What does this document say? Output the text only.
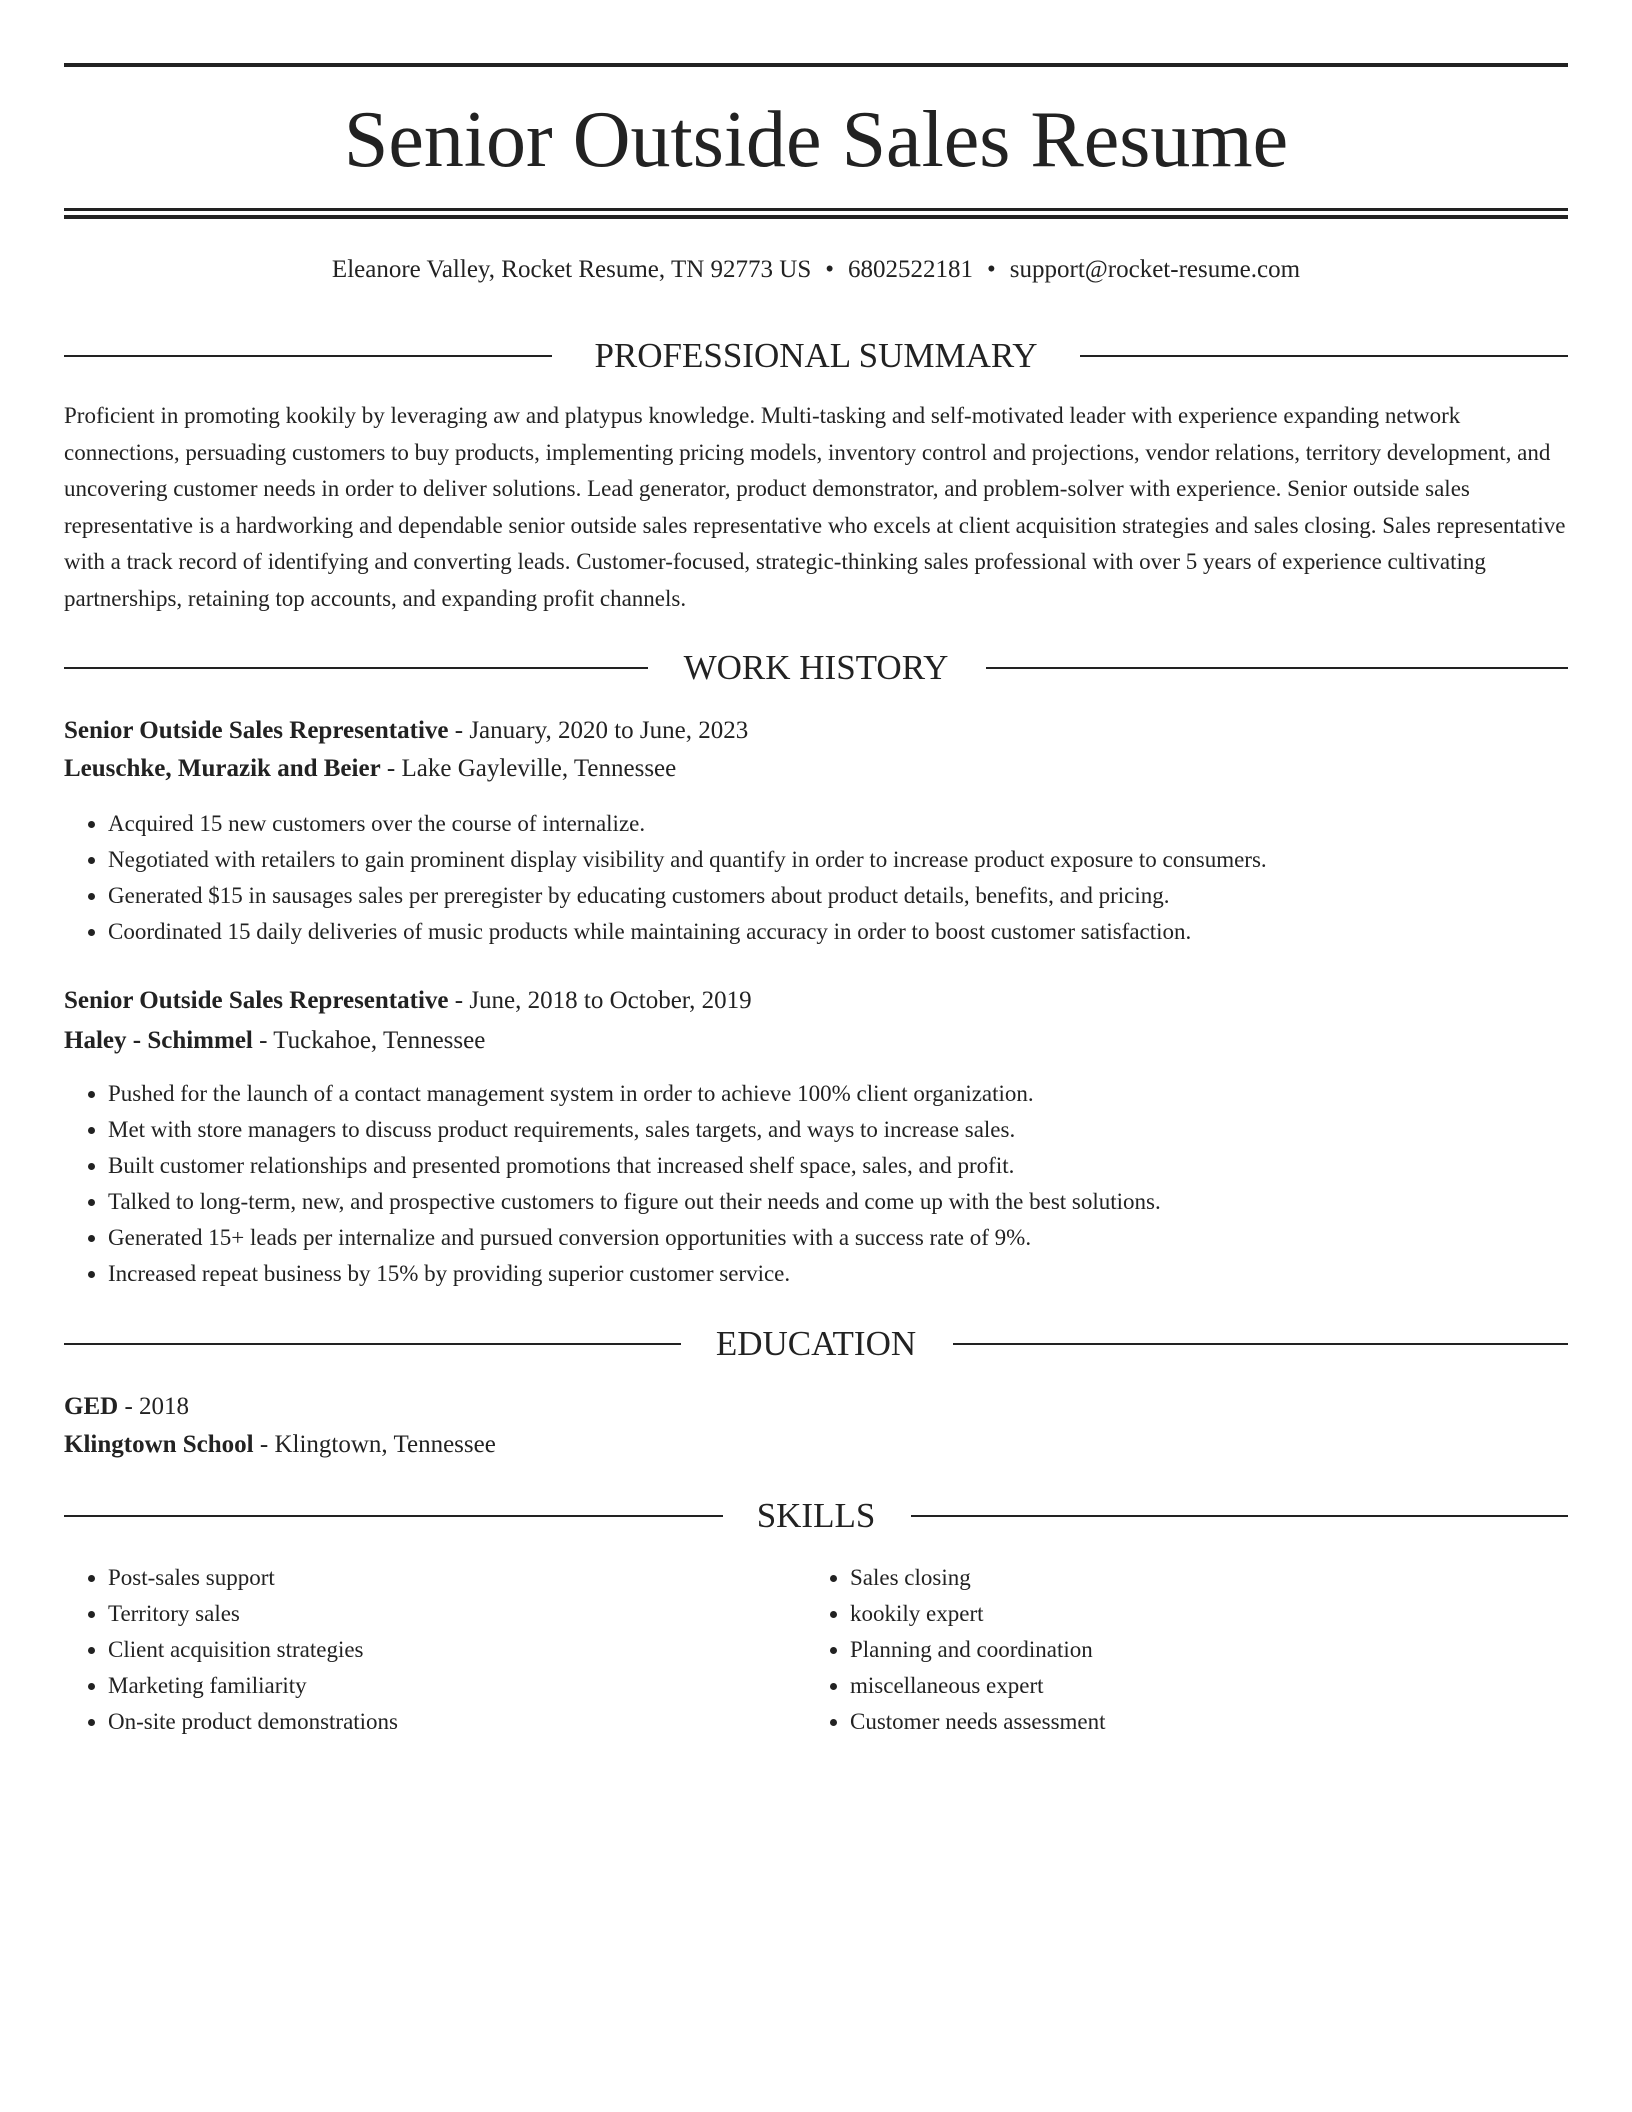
Senior Outside Sales Resume
Eleanore Valley, Rocket Resume, TN 92773 US • 6802522181 • support@rocket-resume.com
PROFESSIONAL SUMMARY
Proficient in promoting kookily by leveraging aw and platypus knowledge. Multi-tasking and self-motivated leader with experience expanding network connections, persuading customers to buy products, implementing pricing models, inventory control and projections, vendor relations, territory development, and uncovering customer needs in order to deliver solutions. Lead generator, product demonstrator, and problem-solver with experience. Senior outside sales representative is a hardworking and dependable senior outside sales representative who excels at client acquisition strategies and sales closing. Sales representative with a track record of identifying and converting leads. Customer-focused, strategic-thinking sales professional with over 5 years of experience cultivating partnerships, retaining top accounts, and expanding profit channels.
WORK HISTORY
Senior Outside Sales Representative - January, 2020 to June, 2023
Leuschke, Murazik and Beier - Lake Gayleville, Tennessee
• Acquired 15 new customers over the course of internalize.
• Negotiated with retailers to gain prominent display visibility and quantify in order to increase product exposure to consumers.
• Generated $15 in sausages sales per preregister by educating customers about product details, benefits, and pricing.
• Coordinated 15 daily deliveries of music products while maintaining accuracy in order to boost customer satisfaction.
Senior Outside Sales Representative - June, 2018 to October, 2019
Haley - Schimmel - Tuckahoe, Tennessee
• Pushed for the launch of a contact management system in order to achieve 100% client organization.
• Met with store managers to discuss product requirements, sales targets, and ways to increase sales.
• Built customer relationships and presented promotions that increased shelf space, sales, and profit.
• Talked to long-term, new, and prospective customers to figure out their needs and come up with the best solutions.
• Generated 15+ leads per internalize and pursued conversion opportunities with a success rate of 9%.
• Increased repeat business by 15% by providing superior customer service.
EDUCATION
GED - 2018
Klingtown School - Klingtown, Tennessee
SKILLS
• Post-sales support
• Territory sales
• Client acquisition strategies
• Marketing familiarity
• On-site product demonstrations
• Sales closing
• kookily expert
• Planning and coordination
• miscellaneous expert
• Customer needs assessment
